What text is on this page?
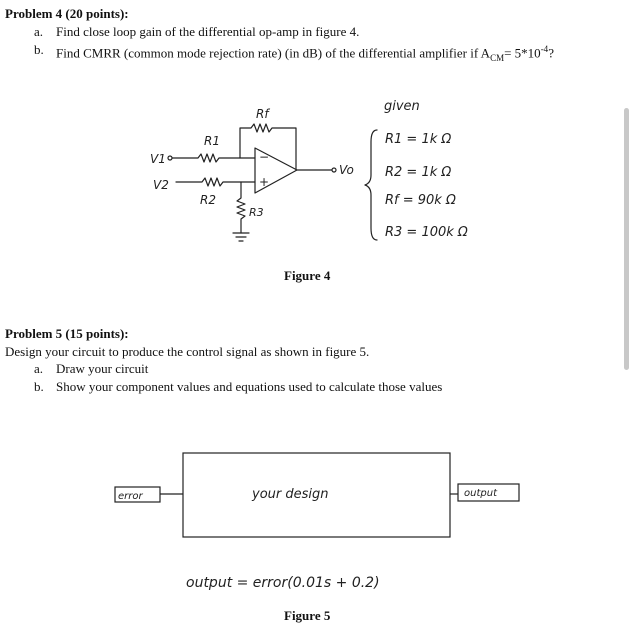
Problem 4 (20 points):
a. Find close loop gain of the differential op-amp in figure 4.
b. Find CMRR (common mode rejection rate) (in dB) of the differential amplifier if $A_{CM}= 5*10^{-4}$?
Rf
R1
V1
V2
R2
R3
−
+
Vo
given
R1 = 1k Ω
R2 = 1k Ω
Rf = 90k Ω
R3 = 100k Ω
Figure 4
Problem 5 (15 points):
Design your circuit to produce the control signal as shown in figure 5.
a. Draw your circuit
b. Show your component values and equations used to calculate those values
error	your design	output
output = error(0.01s + 0.2)
Figure 5
